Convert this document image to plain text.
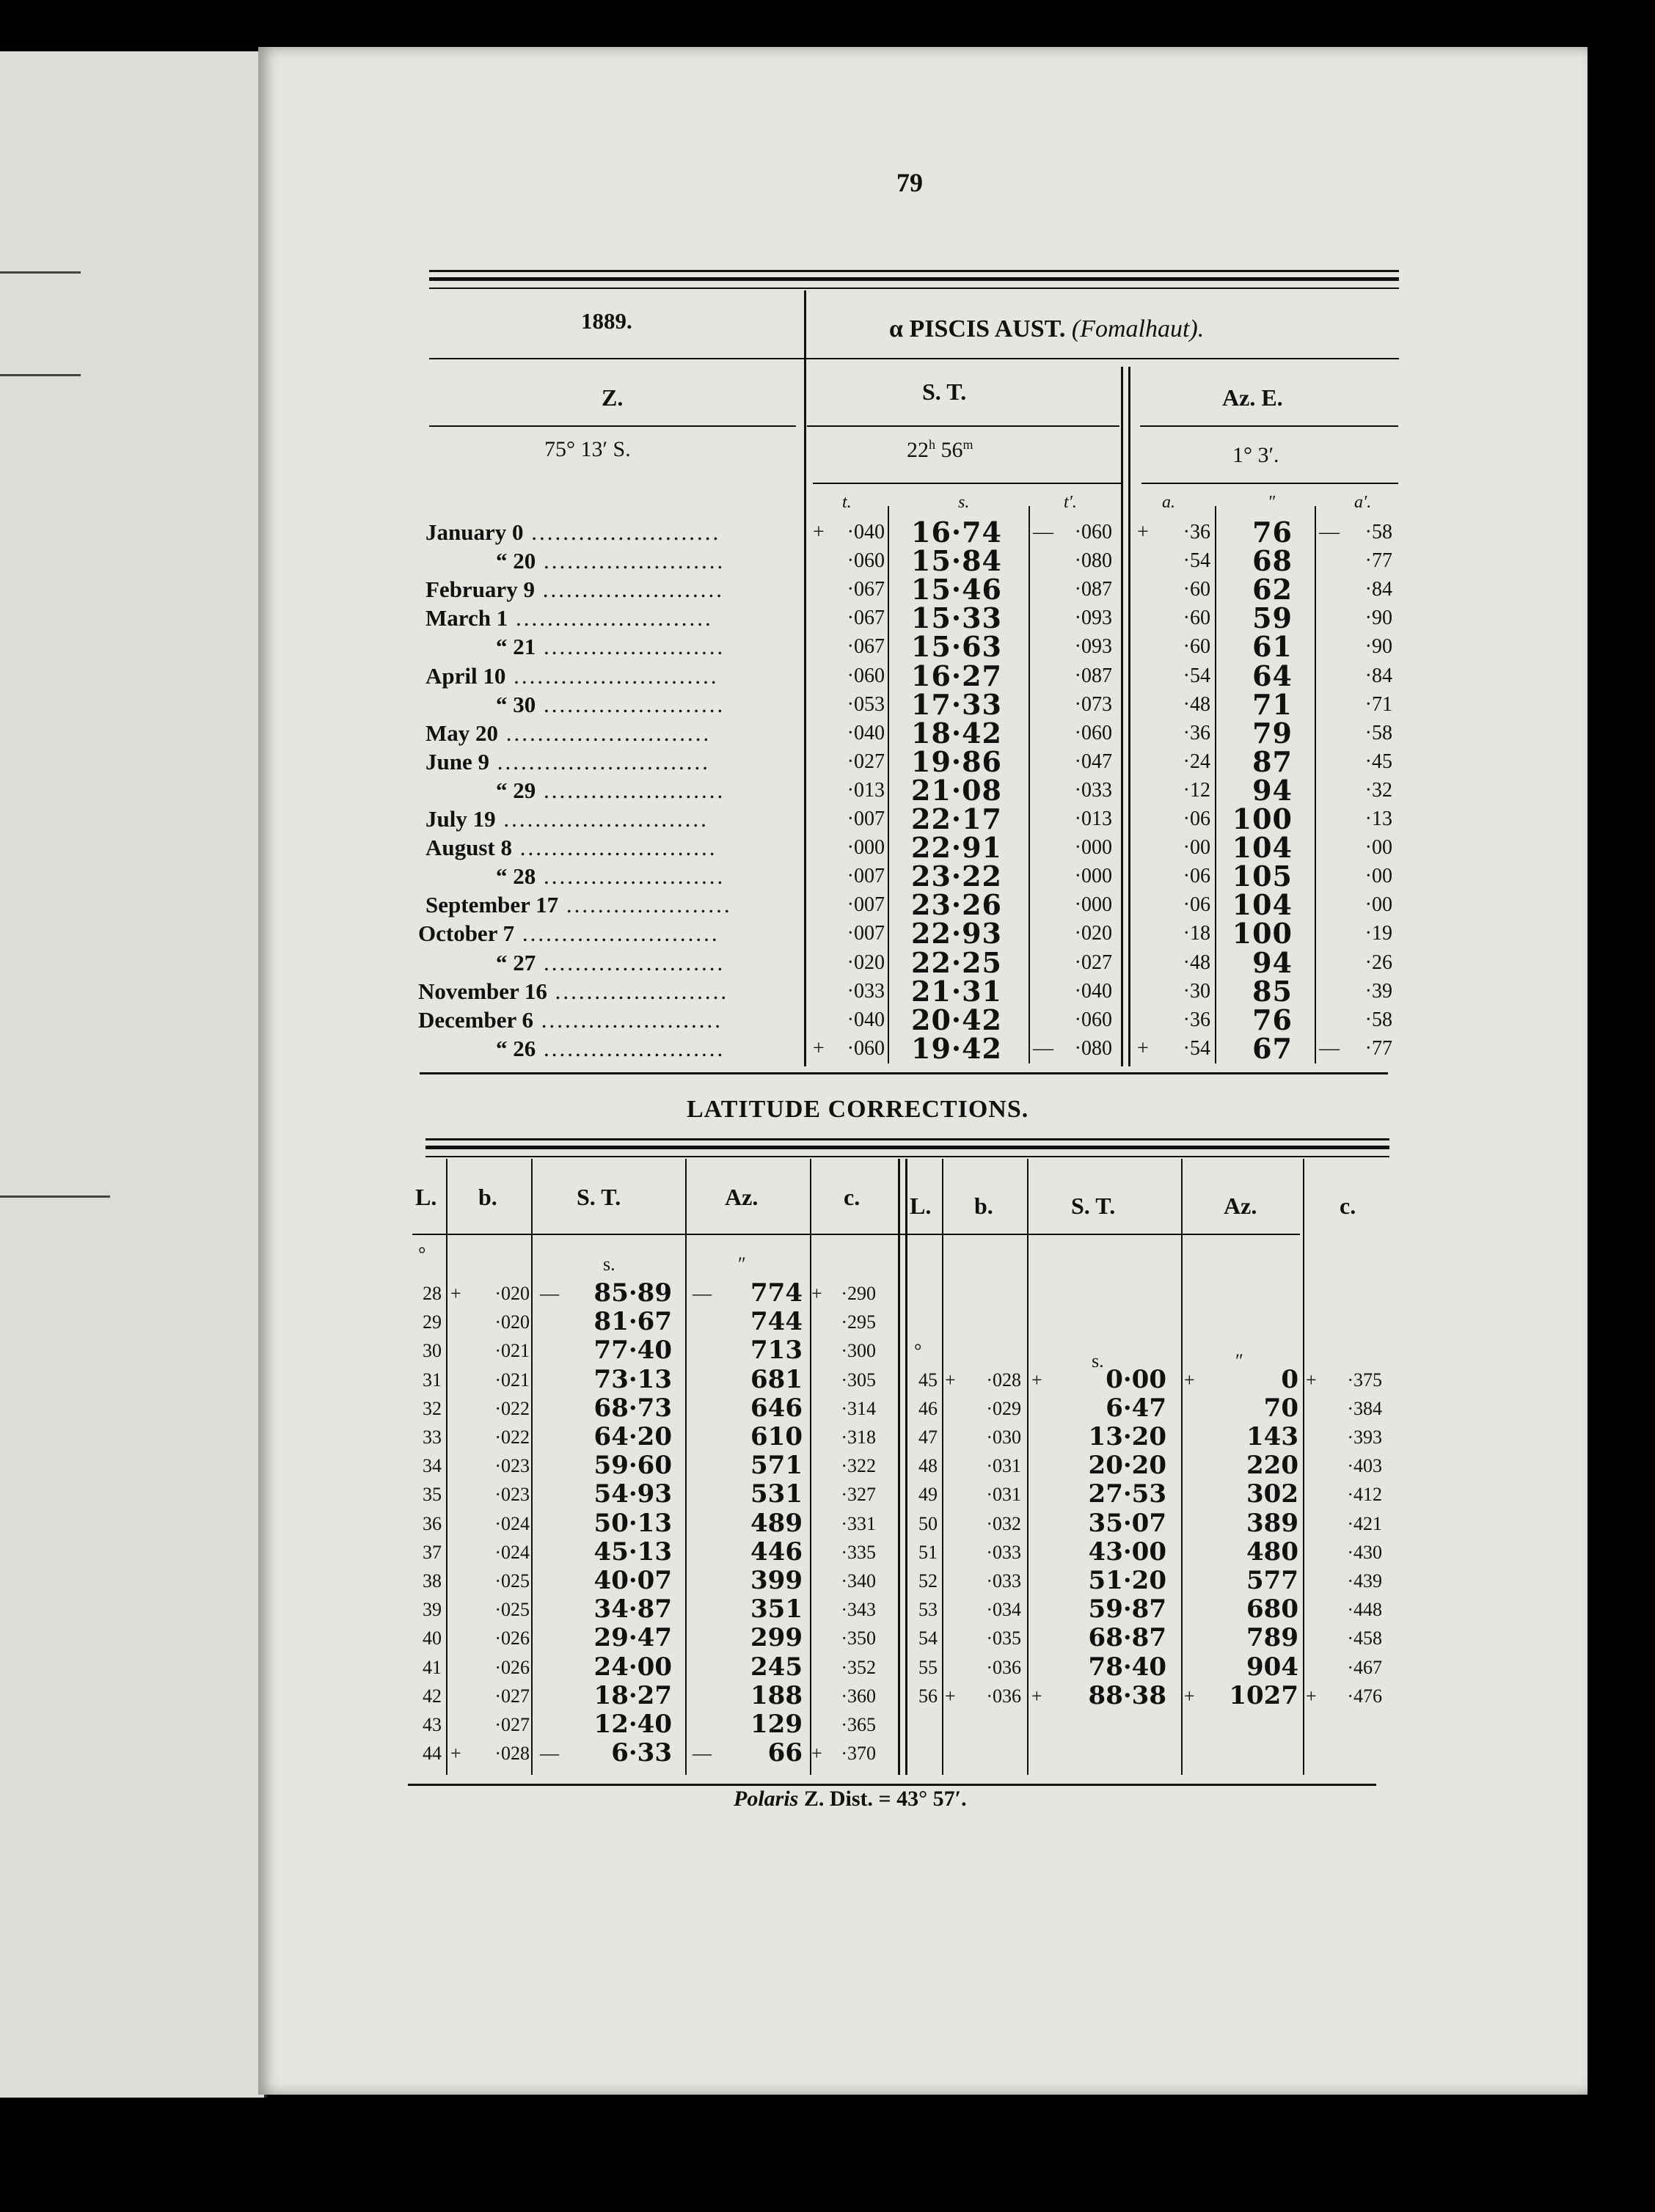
79
1889.	α PISCIS AUST. (Fomalhaut).
Z.	S. T.	Az. E.
75° 13′ S.	22$^h$ 56$^m$	1° 3′.
t.	s.	t′.	a.	″	a′.
January 0 ........................	+	·040 16·74 —	·060 +	·36	76 —	·58
“ 20 .......................	·060 15·84	·080	·54	68	·77
February 9 .......................	·067 15·46	·087	·60	62	·84
March 1 .........................	·067 15·33	·093	·60	59	·90
“ 21 .......................	·067 15·63	·093	·60	61	·90
April 10 ..........................	·060 16·27	·087	·54	64	·84
“ 30 .......................	·053 17·33	·073	·48	71	·71
May 20 ..........................	·040 18·42	·060	·36	79	·58
June 9 ...........................	·027 19·86	·047	·24	87	·45
“ 29 .......................	·013 21·08	·033	·12	94	·32
July 19 ..........................	·007 22·17	·013	·06 100	·13
August 8 .........................	·000 22·91	·000	·00 104	·00
“ 28 .......................	·007 23·22	·000	·06 105	·00
September 17 .....................	·007 23·26	·000	·06 104	·00
October 7 .........................	·007 22·93	·020	·18 100	·19
“ 27 .......................	·020 22·25	·027	·48	94	·26
November 16 ......................	·033 21·31	·040	·30	85	·39
December 6 .......................	·040 20·42	·060	·36	76	·58
“ 26 .......................	+	·060 19·42 —	·080 +	·54	67 —	·77
LATITUDE CORRECTIONS.
L. b.	S. T.	Az.	c. L. b.	S. T.	Az.	c.
°	s.	″
°	s.	″
28 +	·020 —	85·89 —	774 + ·290
29	·020	81·67	744	·295
30	·021	77·40	713	·300
31	·021	73·13	681	·305
32	·022	68·73	646	·314
33	·022	64·20	610	·318
34	·023	59·60	571	·322
35	·023	54·93	531	·327
36	·024	50·13	489	·331
37	·024	45·13	446	·335
38	·025	40·07	399	·340
39	·025	34·87	351	·343
40	·026	29·47	299	·350
41	·026	24·00	245	·352
42	·027	18·27	188	·360
43	·027	12·40	129	·365
44 +	·028 —	6·33 —	66 + ·370
45 +	·028 +	0·00 +	0 +	·375
46	·029	6·47	70	·384
47	·030	13·20	143	·393
48	·031	20·20	220	·403
49	·031	27·53	302	·412
50	·032	35·07	389	·421
51	·033	43·00	480	·430
52	·033	51·20	577	·439
53	·034	59·87	680	·448
54	·035	68·87	789	·458
55	·036	78·40	904	·467
56 +	·036 +	88·38 +	1027 +	·476
Polaris Z. Dist. = 43° 57′.
